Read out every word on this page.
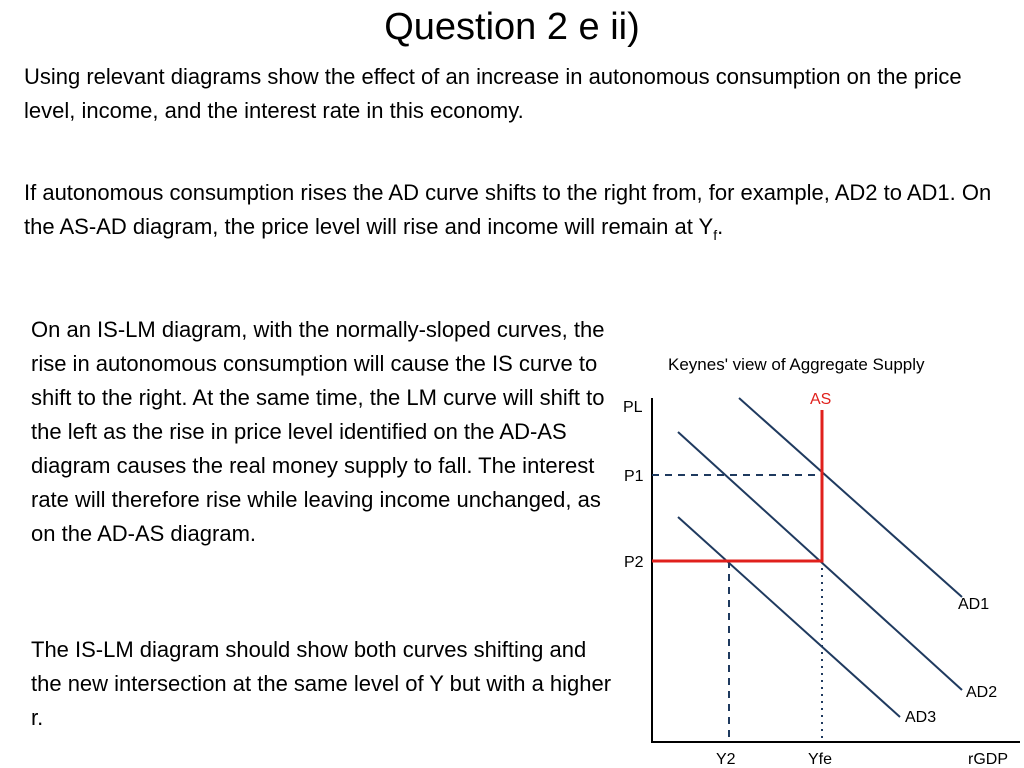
Question 2 e ii)

Using relevant diagrams show the effect of an increase in autonomous consumption on the price level, income, and the interest rate in this economy.

If autonomous consumption rises the AD curve shifts to the right from, for example, AD2 to AD1. On the AS-AD diagram, the price level will rise and income will remain at $Y_f$.

On an IS-LM diagram, with the normally-sloped curves, the rise in autonomous consumption will cause the IS curve to shift to the right. At the same time, the LM curve will shift to the left as the rise in price level identified on the AD-AS diagram causes the real money supply to fall. The interest rate will therefore rise while leaving income unchanged, as on the AD-AS diagram.

The IS-LM diagram should show both curves shifting and the new intersection at the same level of Y but with a higher r.

Keynes' view of Aggregate Supply
PL	AS
P1
P2
AD1
AD2
AD3
Y2	Yfe	rGDP
